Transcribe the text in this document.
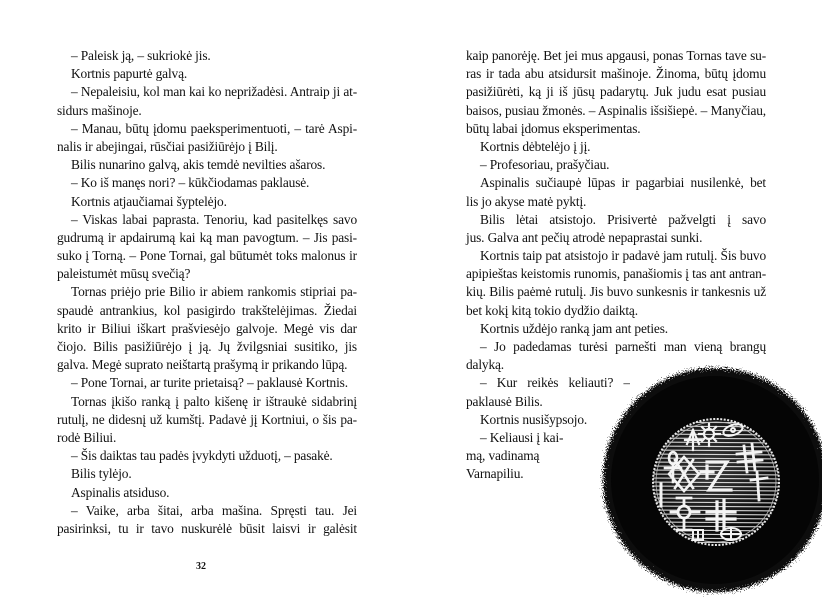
– Paleisk ją, – sukriokė jis.
Kortnis papurtė galvą.
– Nepaleisiu, kol man kai ko neprižadėsi. Antraip ji at-
sidurs mašinoje.
– Manau, būtų įdomu paeksperimentuoti, – tarė Aspi-
nalis ir abejingai, rūsčiai pasižiūrėjo į Bilį.
Bilis nunarino galvą, akis temdė nevilties ašaros.
– Ko iš manęs nori? – kūkčiodamas paklausė.
Kortnis atjaučiamai šyptelėjo.
– Viskas labai paprasta. Tenoriu, kad pasitelkęs savo
gudrumą ir apdairumą kai ką man pavogtum. – Jis pasi-
suko į Torną. – Pone Tornai, gal būtumėt toks malonus ir
paleistumėt mūsų svečią?
Tornas priėjo prie Bilio ir abiem rankomis stipriai pa-
spaudė antrankius, kol pasigirdo trakštelėjimas. Žiedai
krito ir Biliui iškart prašviesėjo galvoje. Megė vis dar
čiojo. Bilis pasižiūrėjo į ją. Jų žvilgsniai susitiko, jis
galva. Megė suprato neištartą prašymą ir prikando lūpą.
– Pone Tornai, ar turite prietaisą? – paklausė Kortnis.
Tornas įkišo ranką į palto kišenę ir ištraukė sidabrinį
rutulį, ne didesnį už kumštį. Padavė jį Kortniui, o šis pa-
rodė Biliui.
– Šis daiktas tau padės įvykdyti užduotį, – pasakė.
Bilis tylėjo.
Aspinalis atsiduso.
– Vaike, arba šitai, arba mašina. Spręsti tau. Jei
pasirinksi, tu ir tavo nuskurėlė būsit laisvi ir galėsit
32
kaip panorėję. Bet jei mus apgausi, ponas Tornas tave su-
ras ir tada abu atsidursit mašinoje. Žinoma, būtų įdomu
pasižiūrėti, ką ji iš jūsų padarytų. Juk judu esat pusiau
baisos, pusiau žmonės. – Aspinalis išsišiepė. – Manyčiau,
būtų labai įdomus eksperimentas.
Kortnis dėbtelėjo į jį.
– Profesoriau, prašyčiau.
Aspinalis sučiaupė lūpas ir pagarbiai nusilenkė, bet
lis jo akyse matė pyktį.
Bilis lėtai atsistojo. Prisivertė pažvelgti į savo
jus. Galva ant pečių atrodė nepaprastai sunki.
Kortnis taip pat atsistojo ir padavė jam rutulį. Šis buvo
apipieštas keistomis runomis, panašiomis į tas ant antran-
kių. Bilis paėmė rutulį. Jis buvo sunkesnis ir tankesnis už
bet kokį kitą tokio dydžio daiktą.
Kortnis uždėjo ranką jam ant peties.
– Jo padedamas turėsi parnešti man vieną brangų
dalyką.
– Kur reikės keliauti? –
paklausė Bilis.
Kortnis nusišypsojo.
– Keliausi į kai-
mą, vadinamą
Varnapiliu.
